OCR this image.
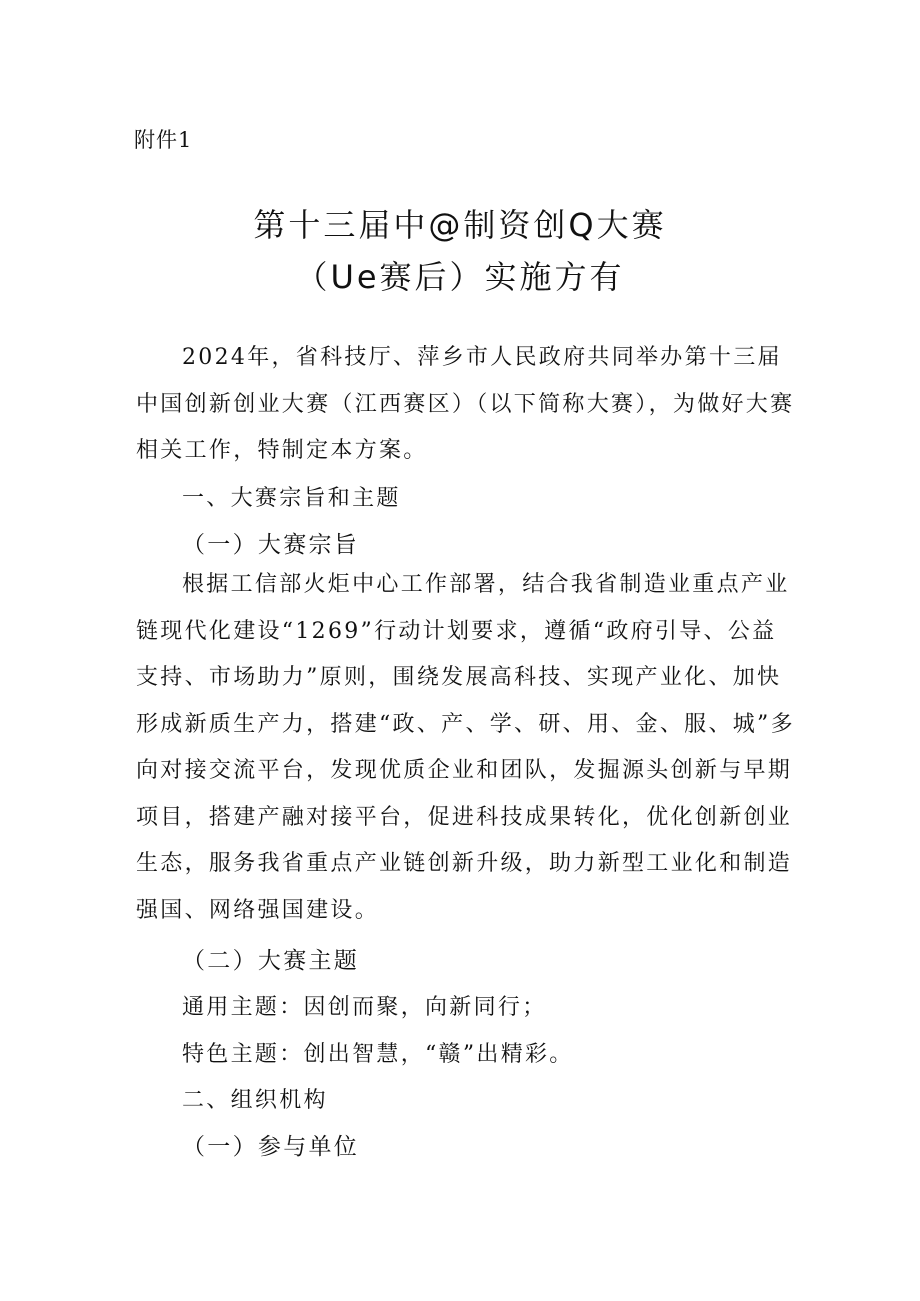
附件1
第十三届中@制资创Q大赛
（Ue赛后）实施方有

2024年，省科技厅、萍乡市人民政府共同举办第十三届中国创新创业大赛（江西赛区）（以下简称大赛），为做好大赛相关工作，特制定本方案。

一、大赛宗旨和主题
（一）大赛宗旨

根据工信部火炬中心工作部署，结合我省制造业重点产业链现代化建设“1269”行动计划要求，遵循“政府引导、公益支持、市场助力”原则，围绕发展高科技、实现产业化、加快形成新质生产力，搭建“政、产、学、研、用、金、服、城”多向对接交流平台，发现优质企业和团队，发掘源头创新与早期项目，搭建产融对接平台，促进科技成果转化，优化创新创业生态，服务我省重点产业链创新升级，助力新型工业化和制造强国、网络强国建设。

（二）大赛主题
通用主题：因创而聚，向新同行；
特色主题：创出智慧，“赣”出精彩。
二、组织机构
（一）参与单位
